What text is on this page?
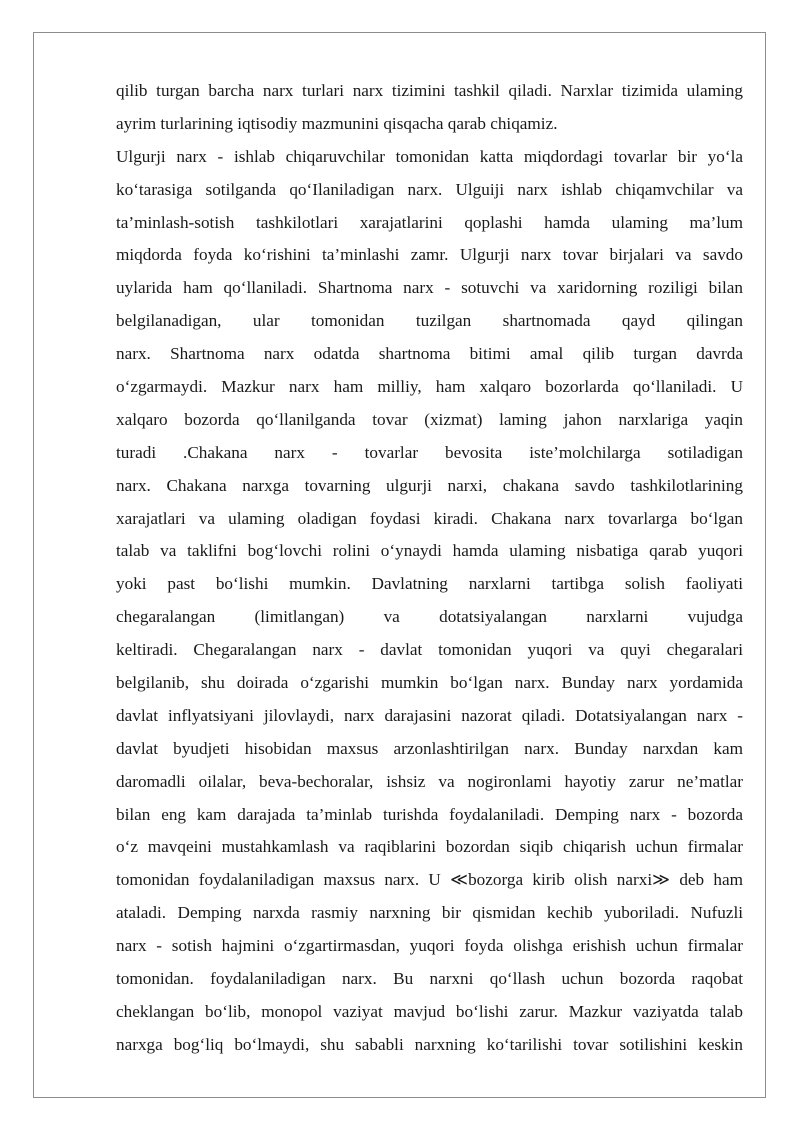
qilib turgan barcha narx turlari narx tizimini tashkil qiladi. Narxlar tizimida ulaming
ayrim turlarining iqtisodiy mazmunini qisqacha qarab chiqamiz.
Ulgurji narx - ishlab chiqaruvchilar tomonidan katta miqdordagi tovarlar bir yo‘la
ko‘tarasiga sotilganda qo‘Ilaniladigan narx. Ulguiji narx ishlab chiqamvchilar va
ta’minlash-sotish tashkilotlari xarajatlarini qoplashi hamda ulaming ma’lum
miqdorda foyda ko‘rishini ta’minlashi zamr. Ulgurji narx tovar birjalari va savdo
uylarida ham qo‘llaniladi. Shartnoma narx - sotuvchi va xaridorning roziligi bilan
belgilanadigan, ular tomonidan tuzilgan shartnomada qayd qilingan
narx. Shartnoma narx odatda shartnoma bitimi amal qilib turgan davrda
o‘zgarmaydi. Mazkur narx ham milliy, ham xalqaro bozorlarda qo‘llaniladi. U
xalqaro bozorda qo‘llanilganda tovar (xizmat) laming jahon narxlariga yaqin
turadi .Chakana narx - tovarlar bevosita iste’molchilarga sotiladigan
narx. Chakana narxga tovarning ulgurji narxi, chakana savdo tashkilotlarining
xarajatlari va ulaming oladigan foydasi kiradi. Chakana narx tovarlarga bo‘lgan
talab va taklifni bog‘lovchi rolini o‘ynaydi hamda ulaming nisbatiga qarab yuqori
yoki past bo‘lishi mumkin. Davlatning narxlarni tartibga solish faoliyati
chegaralangan (limitlangan) va dotatsiyalangan narxlarni vujudga
keltiradi. Chegaralangan narx - davlat tomonidan yuqori va quyi chegaralari
belgilanib, shu doirada o‘zgarishi mumkin bo‘lgan narx. Bunday narx yordamida
davlat inflyatsiyani jilovlaydi, narx darajasini nazorat qiladi. Dotatsiyalangan narx -
davlat byudjeti hisobidan maxsus arzonlashtirilgan narx. Bunday narxdan kam
daromadli oilalar, beva-bechoralar, ishsiz va nogironlami hayotiy zarur ne’matlar
bilan eng kam darajada ta’minlab turishda foydalaniladi. Demping narx - bozorda
o‘z mavqeini mustahkamlash va raqiblarini bozordan siqib chiqarish uchun firmalar
tomonidan foydalaniladigan maxsus narx. U ≪bozorga kirib olish narxi≫ deb ham
ataladi. Demping narxda rasmiy narxning bir qismidan kechib yuboriladi. Nufuzli
narx - sotish hajmini o‘zgartirmasdan, yuqori foyda olishga erishish uchun firmalar
tomonidan. foydalaniladigan narx. Bu narxni qo‘llash uchun bozorda raqobat
cheklangan bo‘lib, monopol vaziyat mavjud bo‘lishi zarur. Mazkur vaziyatda talab
narxga bog‘liq bo‘lmaydi, shu sababli narxning ko‘tarilishi tovar sotilishini keskin
